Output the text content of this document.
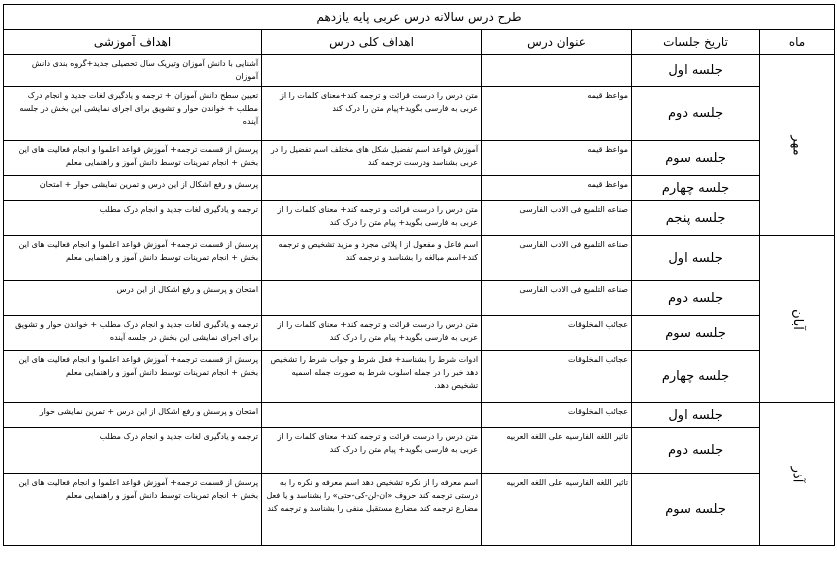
طرح درس سالانه درس عربی پایه یازدهم				
ماه	تاریخ جلسات	عنوان درس	اهداف کلی درس	اهداف آموزشی
مهر	جلسه اول			آشنایی با دانش آموزان وتیریک سال تحصیلی جدید+گروه بندی دانش آموزان
	جلسه دوم	مواعظ قیمه	متن درس را درست قرائت و ترجمه کند+معنای کلمات را از عربی به فارسی بگوید+پیام متن را درک کند	تعیین سطح دانش آموزان + ترجمه و یادگیری لغات جدید و انجام درک مطلب + خواندن حوار و تشویق برای اجرای نمایشی این بخش در جلسه آینده
	جلسه سوم	مواعظ قیمه	آموزش قواعد اسم تفضیل شکل های مختلف اسم تفضیل را در عربی بشناسد ودرست ترجمه کند	پرسش از قسمت ترجمه+ آموزش قواعد اعلموا و انجام فعالیت های این بخش + انجام تمرینات توسط دانش آموز و راهنمایی معلم
	جلسه چهارم	مواعظ قیمه		پرسش و رفع اشکال از این درس و تمرین نمایشی حوار + امتحان
	جلسه پنجم	صناعه التلمیع فی الادب الفارسی	متن درس را درست قرائت و ترجمه کند+ معنای کلمات را از عربی به فارسی بگوید+ پیام متن را درک کند	ترجمه و یادگیری لغات جدید و انجام درک مطلب
آبان	جلسه اول	صناعه التلمیع فی الادب الفارسی	اسم فاعل و مفعول از ا پلاثی مجرد و مزید تشخیص و ترجمه کند+اسم مبالغه را بشناسد و ترجمه کند	پرسش از قسمت ترجمه+ آموزش قواعد اعلموا و انجام فعالیت های این بخش + انجام تمرینات توسط دانش آموز و راهنمایی معلم
	جلسه دوم	صناعه التلمیع فی الادب الفارسی		امتحان و پرسش و رفع اشکال از این درس
	جلسه سوم	عجائب المخلوقات	متن درس را درست قرائت و ترجمه کند+ معنای کلمات را از عربی به فارسی بگوید+ پیام متن را درک کند	ترجمه و یادگیری لغات جدید و انجام درک مطلب + خواندن حوار و تشویق برای اجرای نمایشی این بخش در جلسه آینده
	جلسه چهارم	عجائب المخلوقات	ادوات شرط را بشناسد+ فعل شرط و جواب شرط را تشخیص دهد خبر را در جمله اسلوب شرط به صورت جمله اسمیه تشخیص دهد.	پرسش از قسمت ترجمه+ آموزش قواعد اعلموا و انجام فعالیت های این بخش + انجام تمرینات توسط دانش آموز و راهنمایی معلم
آذر	جلسه اول	عجائب المخلوقات		امتحان و پرسش و رفع اشکال از این درس + تمرین نمایشی حوار
	جلسه دوم	تاثیر اللغه الفارسیه علی اللغه العربیه	متن درس را درست قرائت و ترجمه کند+ معنای کلمات را از عربی به فارسی بگوید+ پیام متن را درک کند	ترجمه و یادگیری لغات جدید و انجام درک مطلب
	جلسه سوم	تاثیر اللغه الفارسیه علی اللغه العربیه	اسم معرفه را از نکره تشخیص دهد اسم معرفه و نکره را به درستی ترجمه کند حروف «ان-لن-کی-حتی» را بشناسد و یا فعل مضارع ترجمه کند مضارع مستقبل منفی را بشناسد و ترجمه کند	پرسش از قسمت ترجمه+ آموزش قواعد اعلموا و انجام فعالیت های این بخش + انجام تمرینات توسط دانش آموز و راهنمایی معلم
